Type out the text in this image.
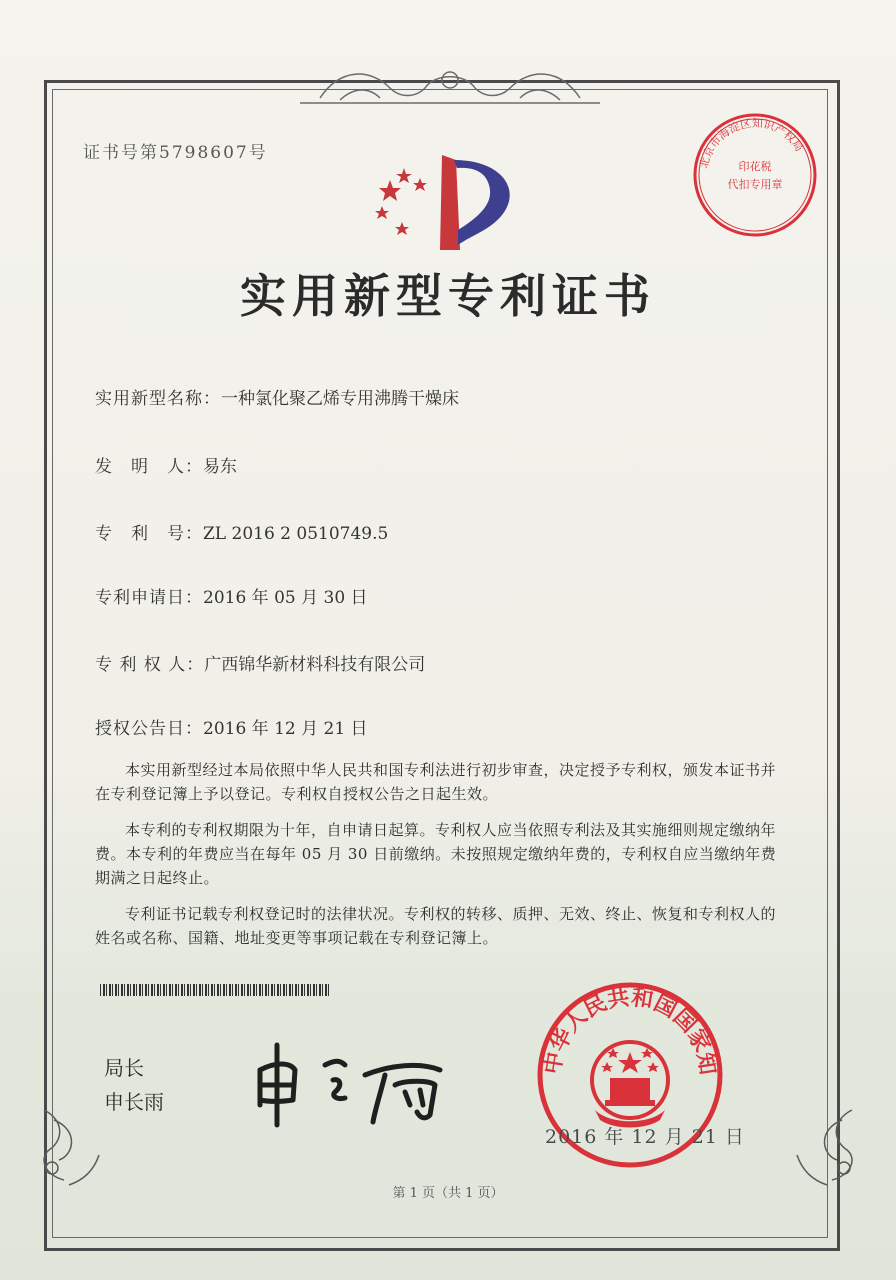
证书号第5798607号
实用新型专利证书
北京市海淀区知识产权局
印花税
代扣专用章
实用新型名称：一种氯化聚乙烯专用沸腾干燥床
发　明　人：易东
专　利　号：ZL 2016 2 0510749.5
专利申请日：2016 年 05 月 30 日
专 利 权 人：广西锦华新材料科技有限公司
授权公告日：2016 年 12 月 21 日

本实用新型经过本局依照中华人民共和国专利法进行初步审查，决定授予专利权，颁发本证书并在专利登记簿上予以登记。专利权自授权公告之日起生效。

本专利的专利权期限为十年，自申请日起算。专利权人应当依照专利法及其实施细则规定缴纳年费。本专利的年费应当在每年 05 月 30 日前缴纳。未按照规定缴纳年费的，专利权自应当缴纳年费期满之日起终止。

专利证书记载专利权登记时的法律状况。专利权的转移、质押、无效、终止、恢复和专利权人的姓名或名称、国籍、地址变更等事项记载在专利登记簿上。

局长
申长雨
中华人民共和国国家知
2016 年 12 月 21 日
第 1 页（共 1 页）
